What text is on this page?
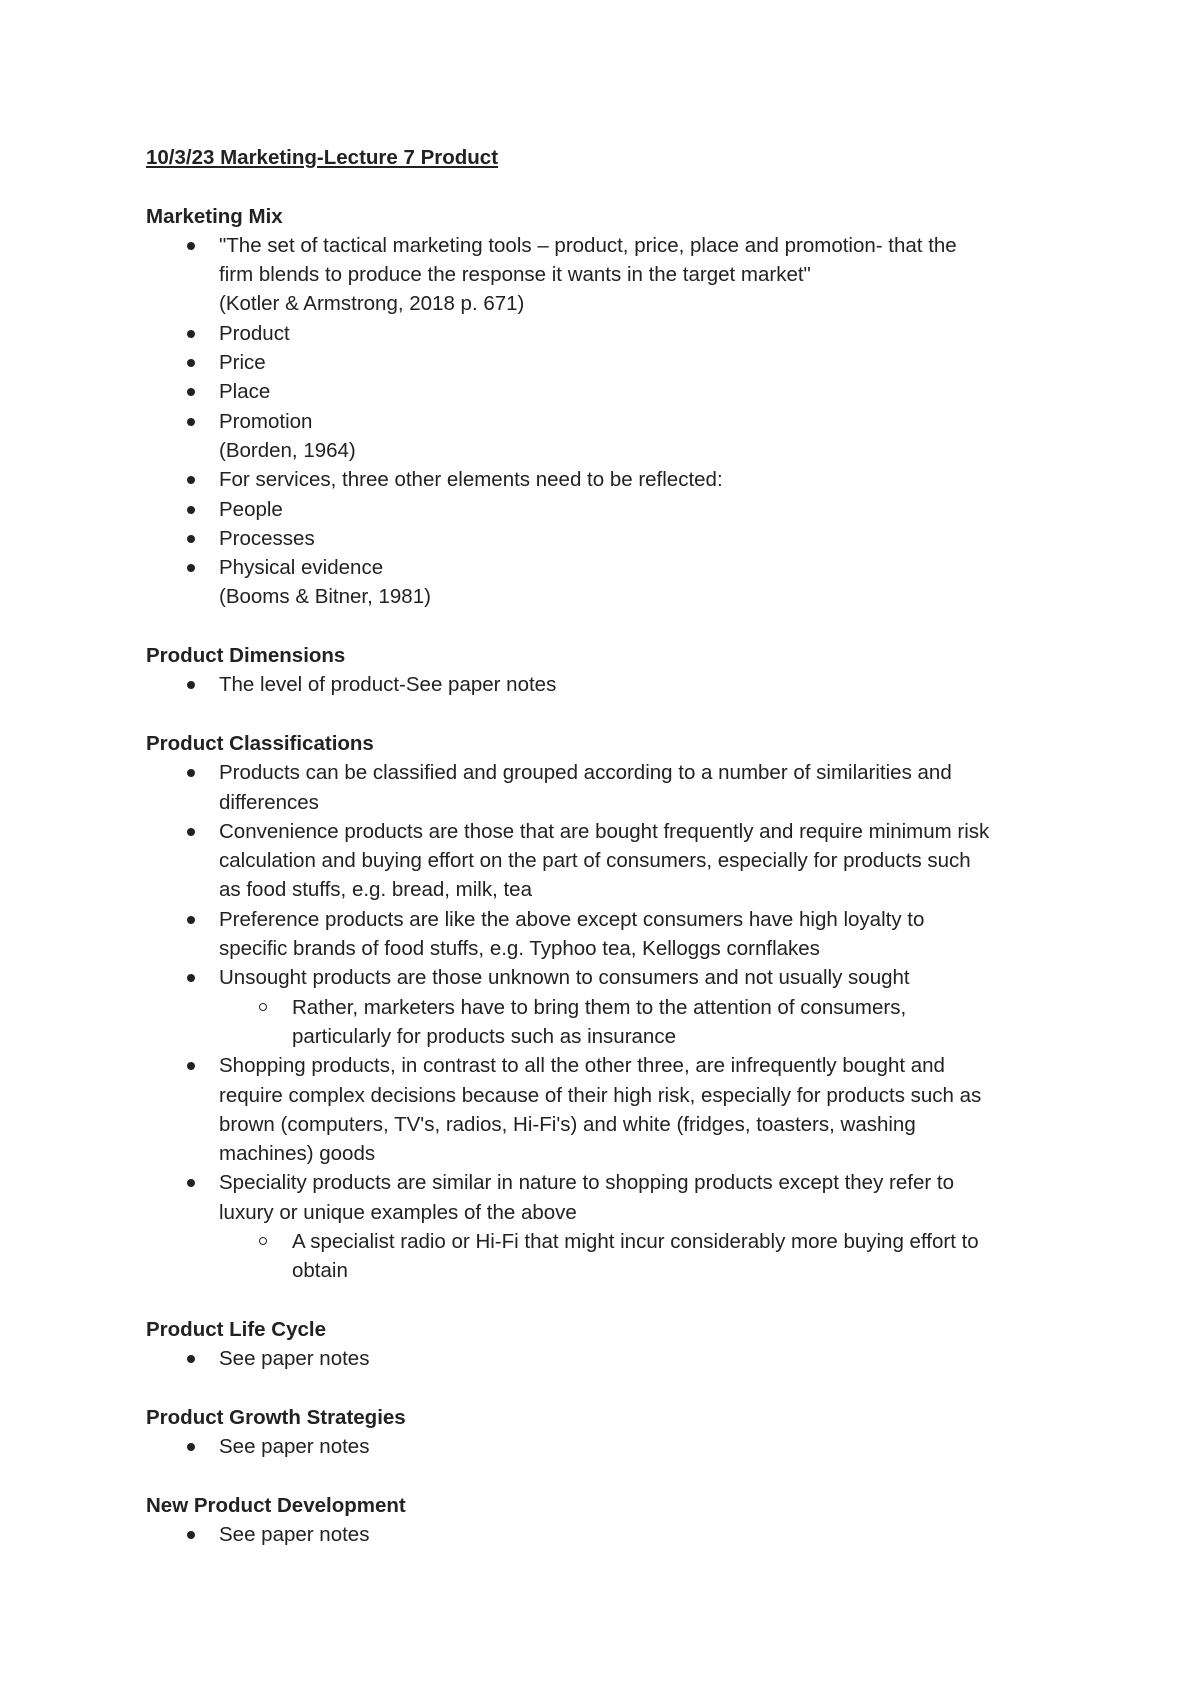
10/3/23 Marketing-Lecture 7 Product

Marketing Mix

"The set of tactical marketing tools – product, price, place and promotion- that the
firm blends to produce the response it wants in the target market"
(Kotler & Armstrong, 2018 p. 671)
Product
Price
Place
Promotion
(Borden, 1964)
For services, three other elements need to be reflected:
People
Processes
Physical evidence
(Booms & Bitner, 1981)

Product Dimensions

The level of product-See paper notes

Product Classifications

Products can be classified and grouped according to a number of similarities and
differences
Convenience products are those that are bought frequently and require minimum risk
calculation and buying effort on the part of consumers, especially for products such
as food stuffs, e.g. bread, milk, tea
Preference products are like the above except consumers have high loyalty to
specific brands of food stuffs, e.g. Typhoo tea, Kelloggs cornflakes
Unsought products are those unknown to consumers and not usually sought
Rather, marketers have to bring them to the attention of consumers,
particularly for products such as insurance
Shopping products, in contrast to all the other three, are infrequently bought and
require complex decisions because of their high risk, especially for products such as
brown (computers, TV's, radios, Hi-Fi's) and white (fridges, toasters, washing
machines) goods
Speciality products are similar in nature to shopping products except they refer to
luxury or unique examples of the above
A specialist radio or Hi-Fi that might incur considerably more buying effort to
obtain

Product Life Cycle

See paper notes

Product Growth Strategies

See paper notes

New Product Development

See paper notes
